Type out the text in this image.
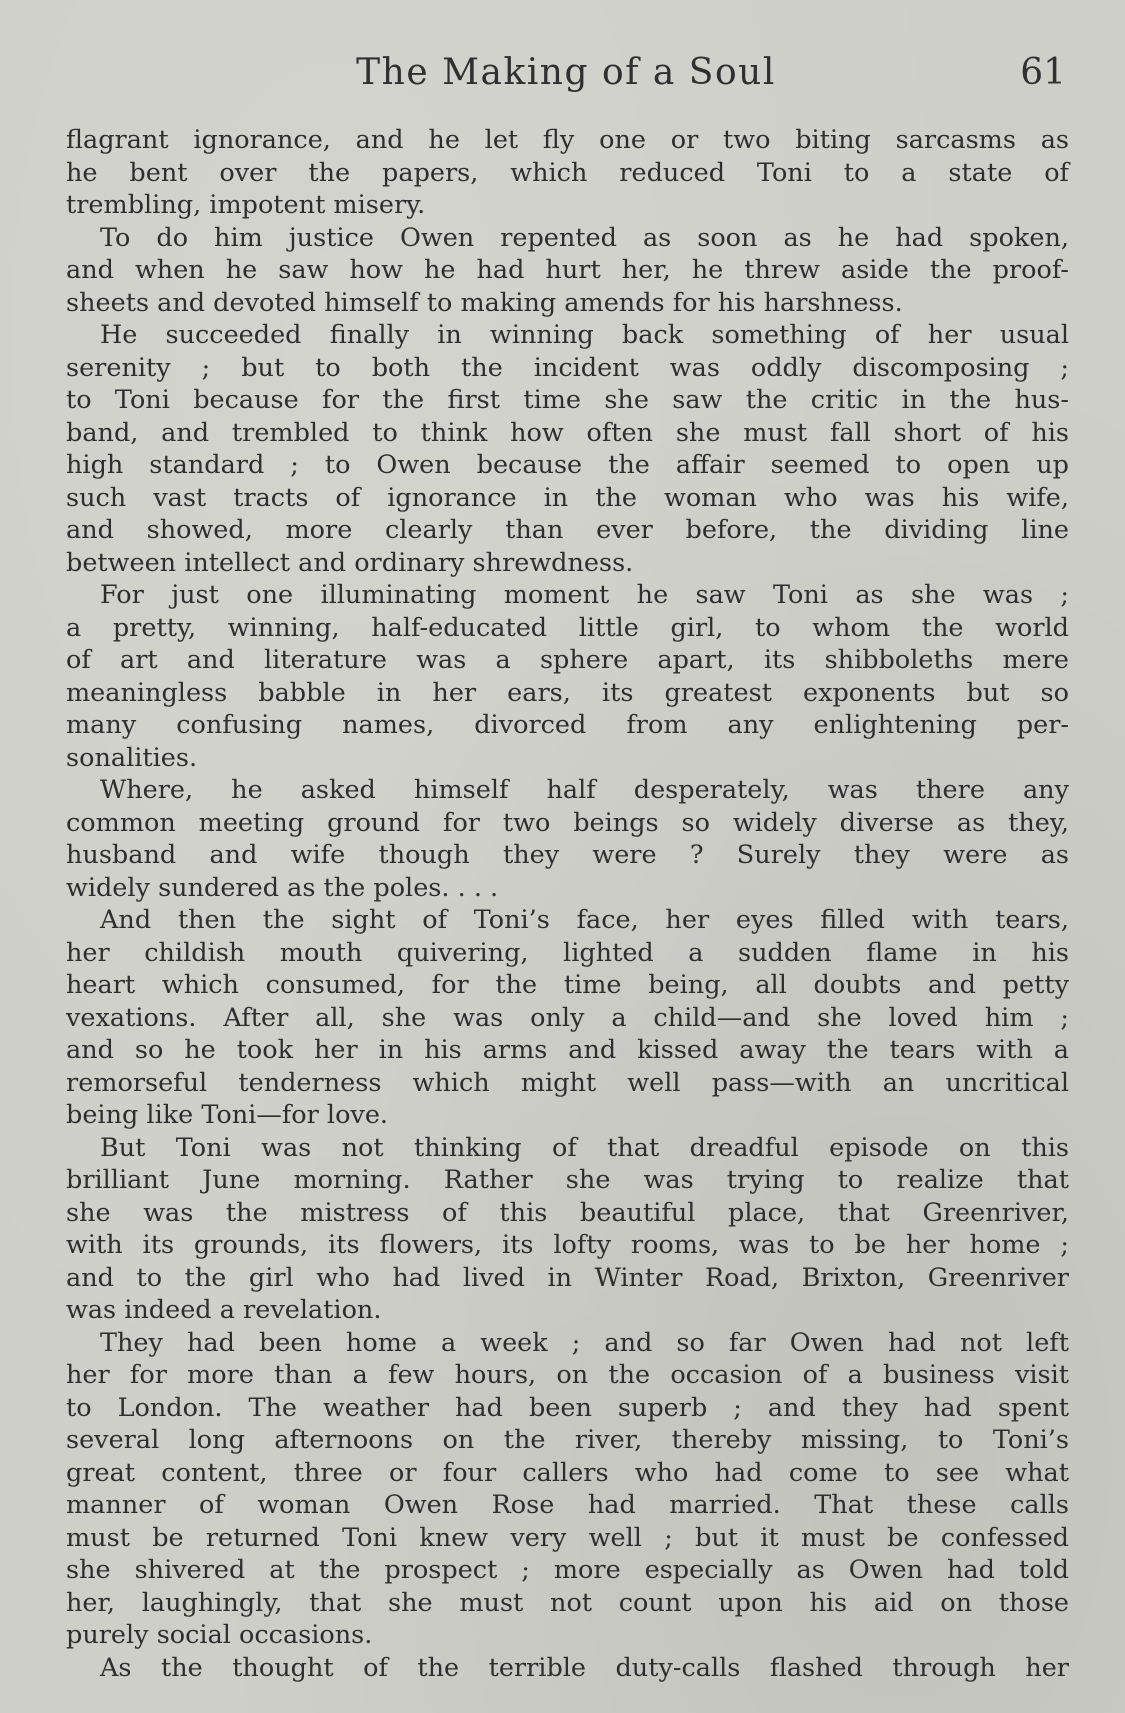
The Making of a Soul	61
flagrant ignorance, and he let fly one or two biting sarcasms as
he bent over the papers, which reduced Toni to a state of
trembling, impotent misery.
To do him justice Owen repented as soon as he had spoken,
and when he saw how he had hurt her, he threw aside the proof-
sheets and devoted himself to making amends for his harshness.
He succeeded finally in winning back something of her usual
serenity ; but to both the incident was oddly discomposing ;
to Toni because for the first time she saw the critic in the hus-
band, and trembled to think how often she must fall short of his
high standard ; to Owen because the affair seemed to open up
such vast tracts of ignorance in the woman who was his wife,
and showed, more clearly than ever before, the dividing line
between intellect and ordinary shrewdness.
For just one illuminating moment he saw Toni as she was ;
a pretty, winning, half-educated little girl, to whom the world
of art and literature was a sphere apart, its shibboleths mere
meaningless babble in her ears, its greatest exponents but so
many confusing names, divorced from any enlightening per-
sonalities.
Where, he asked himself half desperately, was there any
common meeting ground for two beings so widely diverse as they,
husband and wife though they were ? Surely they were as
widely sundered as the poles. . . .
And then the sight of Toni’s face, her eyes filled with tears,
her childish mouth quivering, lighted a sudden flame in his
heart which consumed, for the time being, all doubts and petty
vexations. After all, she was only a child—and she loved him ;
and so he took her in his arms and kissed away the tears with a
remorseful tenderness which might well pass—with an uncritical
being like Toni—for love.
But Toni was not thinking of that dreadful episode on this
brilliant June morning. Rather she was trying to realize that
she was the mistress of this beautiful place, that Greenriver,
with its grounds, its flowers, its lofty rooms, was to be her home ;
and to the girl who had lived in Winter Road, Brixton, Greenriver
was indeed a revelation.
They had been home a week ; and so far Owen had not left
her for more than a few hours, on the occasion of a business visit
to London. The weather had been superb ; and they had spent
several long afternoons on the river, thereby missing, to Toni’s
great content, three or four callers who had come to see what
manner of woman Owen Rose had married. That these calls
must be returned Toni knew very well ; but it must be confessed
she shivered at the prospect ; more especially as Owen had told
her, laughingly, that she must not count upon his aid on those
purely social occasions.
As the thought of the terrible duty-calls flashed through her
